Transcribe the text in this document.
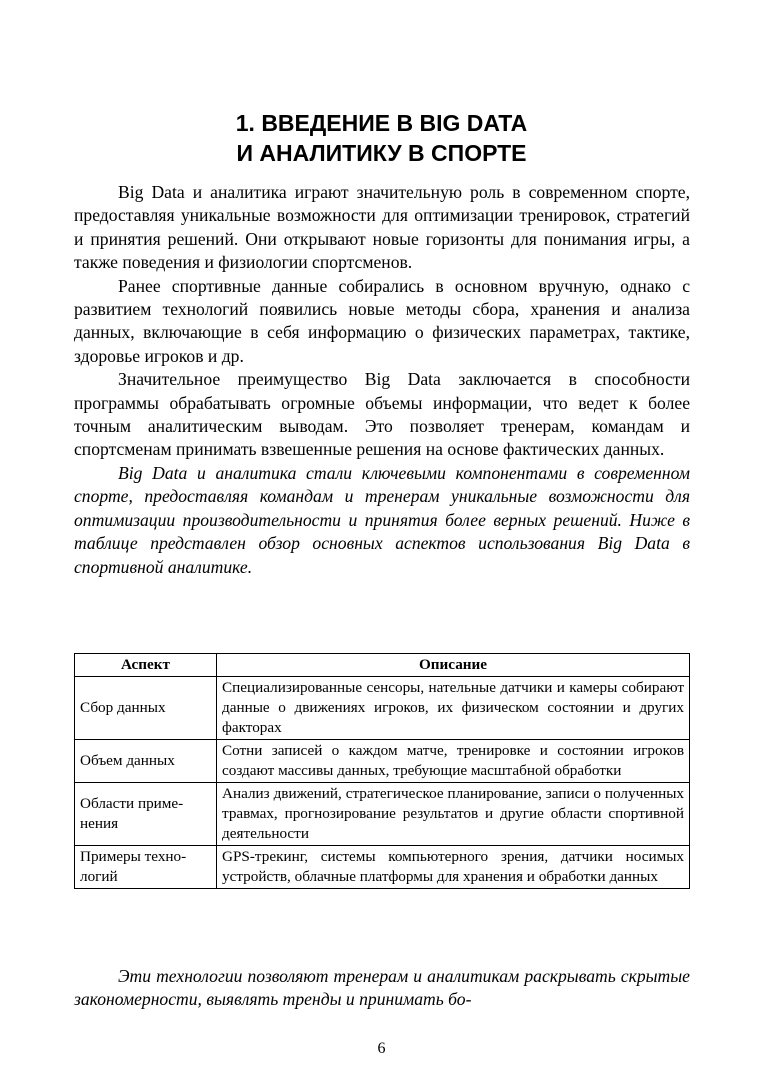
1. ВВЕДЕНИЕ В BIG DATA
И АНАЛИТИКУ В СПОРТЕ

Big Data и аналитика играют значительную роль в современном спорте, предоставляя уникальные возможности для оптимизации тренировок, стратегий и принятия решений. Они открывают новые горизонты для понимания игры, а также поведения и физиологии спортсменов.

Ранее спортивные данные собирались в основном вручную, однако с развитием технологий появились новые методы сбора, хранения и анализа данных, включающие в себя информацию о физических параметрах, тактике, здоровье игроков и др.

Значительное преимущество Big Data заключается в способности программы обрабатывать огромные объемы информации, что ведет к более точным аналитическим выводам. Это позволяет тренерам, командам и спортсменам принимать взвешенные решения на основе фактических данных.

Big Data и аналитика стали ключевыми компонентами в современном спорте, предоставляя командам и тренерам уникальные возможности для оптимизации производительности и принятия более верных решений. Ниже в таблице представлен обзор основных аспектов использования Big Data в спортивной аналитике.

Аспект	Описание
Сбор данных	Специализированные сенсоры, нательные датчики и камеры собирают данные о движениях игроков, их физическом состоянии и других факторах
Объем данных	Сотни записей о каждом матче, тренировке и состоянии игроков создают массивы данных, требующие масштабной обработки
Области применения	Анализ движений, стратегическое планирование, записи о полученных травмах, прогнозирование результатов и другие области спортивной деятельности
Примеры технологий	GPS-трекинг, системы компьютерного зрения, датчики носимых устройств, облачные платформы для хранения и обработки данных

Эти технологии позволяют тренерам и аналитикам раскрывать скрытые закономерности, выявлять тренды и принимать бо-

6
